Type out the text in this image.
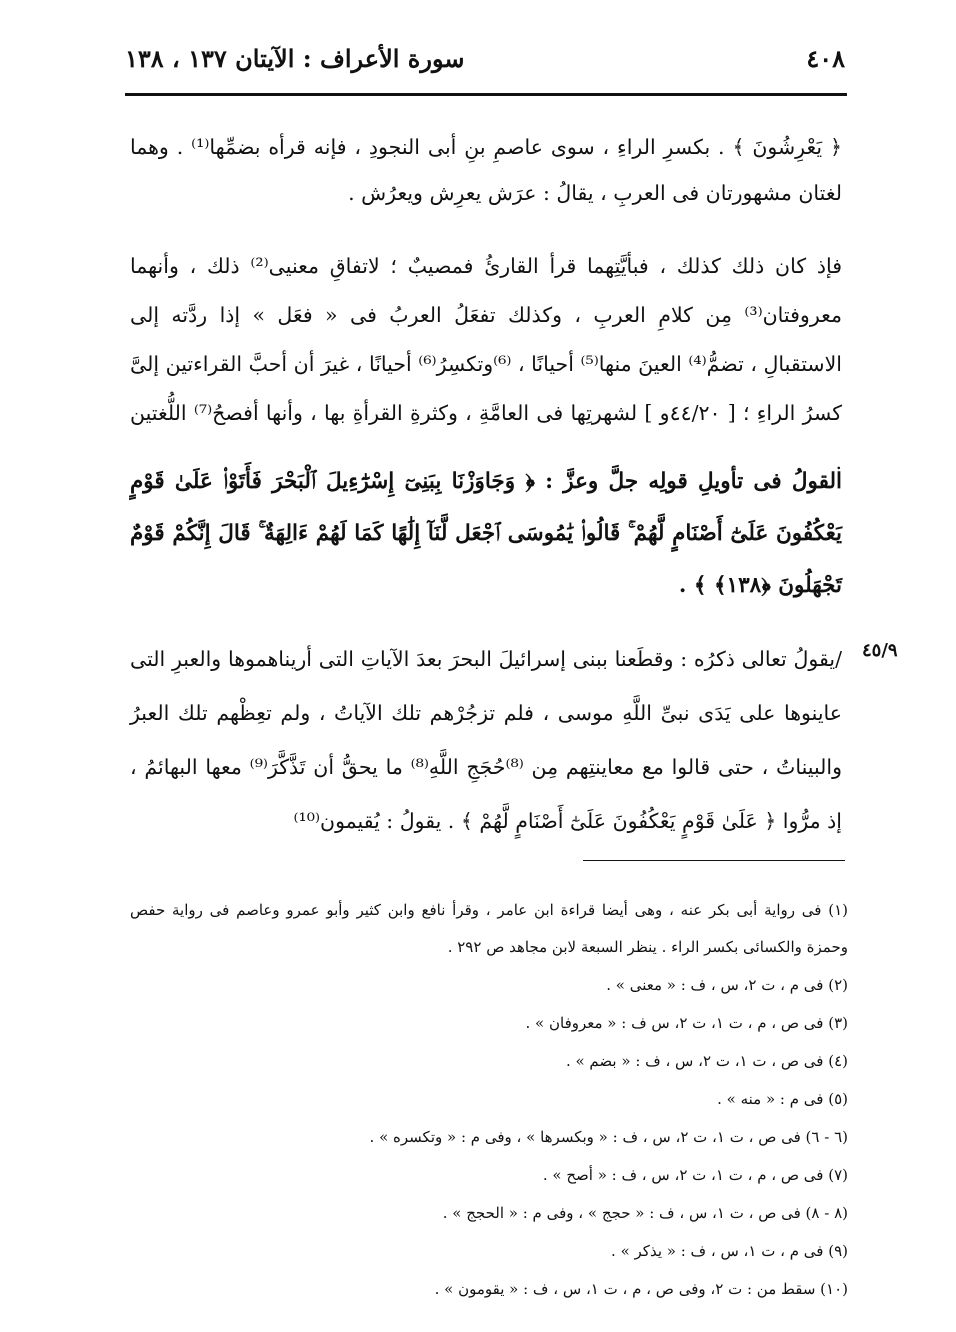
٤٠٨
سورة الأعراف : الآيتان ١٣٧ ، ١٣٨

﴿ يَعْرِشُونَ ﴾ . بكسرِ الراءِ ، سوى عاصمِ بنِ أبى النجودِ ، فإنه قرأه بضمِّها⁽¹⁾ . وهما لغتان مشهورتان فى العربِ ، يقالُ : عرَش يعرِش ويعرُش .

فإذ كان ذلك كذلك ، فبأيَّتِهما قرأ القارئُ فمصيبٌ ؛ لاتفاقِ معنيى⁽²⁾ ذلك ، وأنهما معروفتان⁽³⁾ مِن كلامِ العربِ ، وكذلك تفعَلُ العربُ فى « فعَل » إذا ردَّته إلى الاستقبالِ ، تضمُّ⁽⁴⁾ العينَ منها⁽⁵⁾ أحيانًا ، ⁽⁶⁾وتكسِرُ⁽⁶⁾ أحيانًا ، غيرَ أن أحبَّ القراءتين إلىَّ كسرُ الراءِ ؛ [ ٤٤/٢٠و ] لشهرتِها فى العامَّةِ ، وكثرةِ القرأةِ بها ، وأنها أفصحُ⁽⁷⁾ اللُّغتين .

القولُ فى تأويلِ قولِه جلَّ وعزَّ : ﴿ وَجَاوَزْنَا بِبَنِىٓ إِسْرَٰٓءِيلَ ٱلْبَحْرَ فَأَتَوْا۟ عَلَىٰ قَوْمٍ يَعْكُفُونَ عَلَىٰٓ أَصْنَامٍ لَّهُمْ ۚ قَالُوا۟ يَٰمُوسَى ٱجْعَل لَّنَآ إِلَٰهًا كَمَا لَهُمْ ءَالِهَةٌ ۚ قَالَ إِنَّكُمْ قَوْمٌ تَجْهَلُونَ ﴿١٣٨﴾ ﴾ .

/يقولُ تعالى ذكرُه : وقطَعنا ببنى إسرائيلَ البحرَ بعدَ الآياتِ التى أريناهموها والعبرِ التى عاينوها على يَدَى نبىِّ اللَّهِ موسى ، فلم تزجُرْهم تلك الآياتُ ، ولم تعِظْهم تلك العبرُ والبيناتُ ، حتى قالوا مع معاينتِهم مِن ⁽⁸⁾حُجَجِ اللَّهِ⁽⁸⁾ ما يحقُّ أن تَذَّكَّرَ⁽⁹⁾ معها البهائمُ ، إذ مرُّوا ﴿ عَلَىٰ قَوْمٍ يَعْكُفُونَ عَلَىٰٓ أَصْنَامٍ لَّهُمْ ﴾ . يقولُ : يُقيمون⁽¹⁰⁾

٤٥/٩
(١) فى رواية أبى بكر عنه ، وهى أيضا قراءة ابن عامر ، وقرأ نافع وابن كثير وأبو عمرو وعاصم فى رواية حفص وحمزة والكسائى بكسر الراء . ينظر السبعة لابن مجاهد ص ٢٩٢ .
(٢) فى م ، ت ٢، س ، ف : « معنى » .
(٣) فى ص ، م ، ت ١، ت ٢، س ف : « معروفان » .
(٤) فى ص ، ت ١، ت ٢، س ، ف : « بضم » .
(٥) فى م : « منه » .
(٦ - ٦) فى ص ، ت ١، ت ٢، س ، ف : « وبكسرها » ، وفى م : « وتكسره » .
(٧) فى ص ، م ، ت ١، ت ٢، س ، ف : « أصح » .
(٨ - ٨) فى ص ، ت ١، س ، ف : « حجج » ، وفى م : « الحجج » .
(٩) فى م ، ت ١، س ، ف : « يذكر » .
(١٠) سقط من : ت ٢، وفى ص ، م ، ت ١، س ، ف : « يقومون » .
